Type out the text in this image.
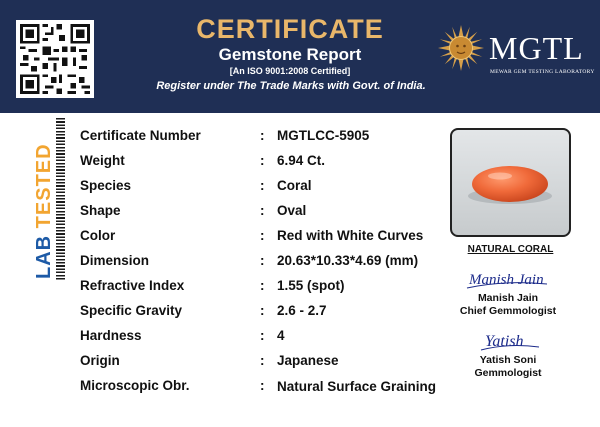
CERTIFICATE
Gemstone Report
[An ISO 9001:2008 Certified]
Register under The Trade Marks with Govt. of India.
MGTL
MEWAR GEM TESTING LABORATORY
LAB TESTED
Certificate Number	: MGTLCC-5905
Weight	: 6.94 Ct.
Species	: Coral
Shape	: Oval
Color	: Red with White Curves
Dimension	: 20.63*10.33*4.69 (mm)
Refractive Index	: 1.55 (spot)
Specific Gravity	: 2.6 - 2.7
Hardness	: 4
Origin	: Japanese
Microscopic Obr.	: Natural Surface Graining
NATURAL CORAL
Manish Jain
Manish Jain
Chief Gemmologist
Yatish
Yatish Soni
Gemmologist
